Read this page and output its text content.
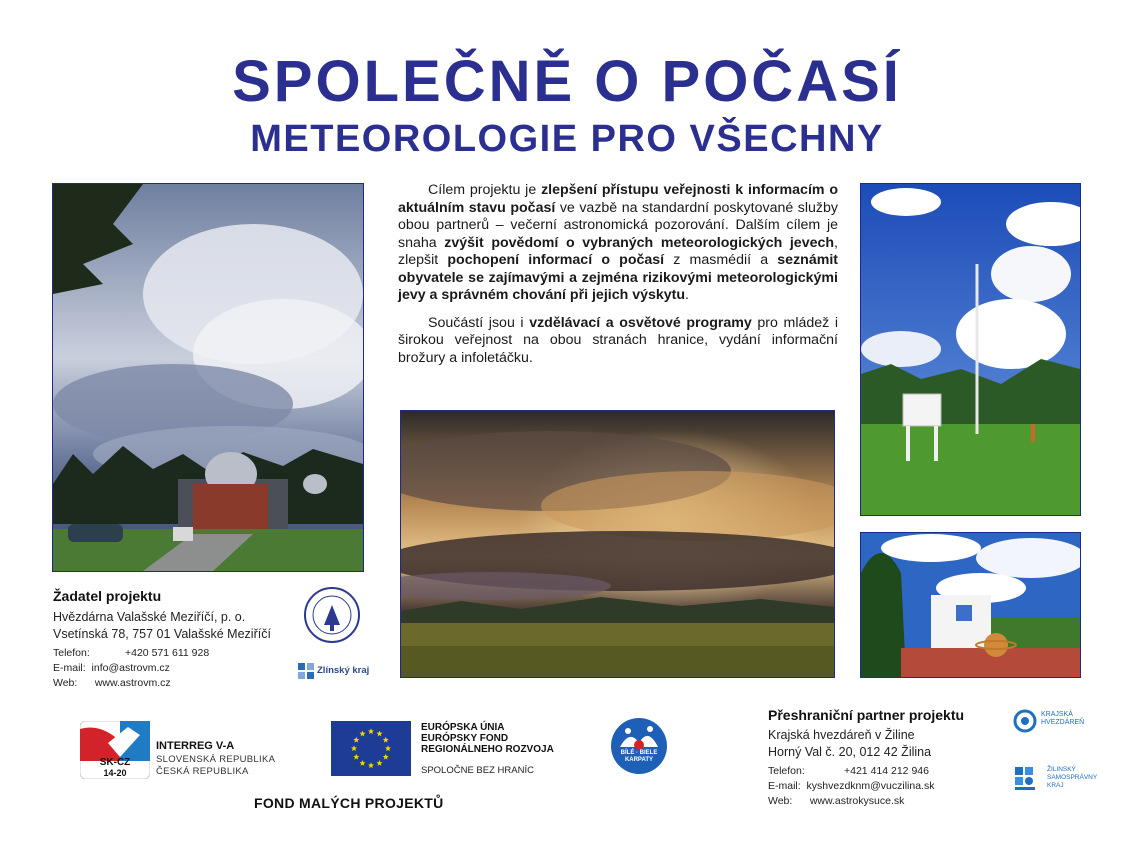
SPOLEČNĚ O POČASÍ
METEOROLOGIE PRO VŠECHNY

Cílem projektu je zlepšení přístupu veřejnosti k informacím o aktuálním stavu počasí ve vazbě na standardní poskytované služby obou partnerů – večerní astronomická pozorování. Dalším cílem je snaha zvýšit povědomí o vybraných meteorologických jevech, zlepšit pochopení informací o počasí z masmédií a seznámit obyvatele se zajímavými a zejména rizikovými meteorologickými jevy a správném chování při jejich výskytu.

Součástí jsou i vzdělávací a osvětové programy pro mládež i širokou veřejnost na obou stranách hranice, vydání informační brožury a infoletáčku.

Žadatel projektu
Hvězdárna Valašské Meziříčí, p. o.
Vsetínská 78, 757 01 Valašské Meziříčí
Telefon:	+420 571 611 928
E-mail: info@astrovm.cz
Web: www.astrovm.cz
Zlínský kraj
Přeshraniční partner projektu
Krajská hvezdáreň v Žiline
Horný Val č. 20, 012 42 Žilina
Telefon:	+421 414 212 946
E-mail: kyshvezdknm@vuczilina.sk
Web: www.astrokysuce.sk
KRAJSKÁ HVEZDÁREŇ
ŽILINSKÝ SAMOSPRÁVNY KRAJ
SK-CZ
14-20
INTERREG V-A
SLOVENSKÁ REPUBLIKA
ČESKÁ REPUBLIKA
EURÓPSKA ÚNIA
EURÓPSKY FOND
REGIONÁLNEHO ROZVOJA
SPOLOČNE BEZ HRANÍC
BÍLÉ · BIELE
KARPATY
FOND MALÝCH PROJEKTŮ
